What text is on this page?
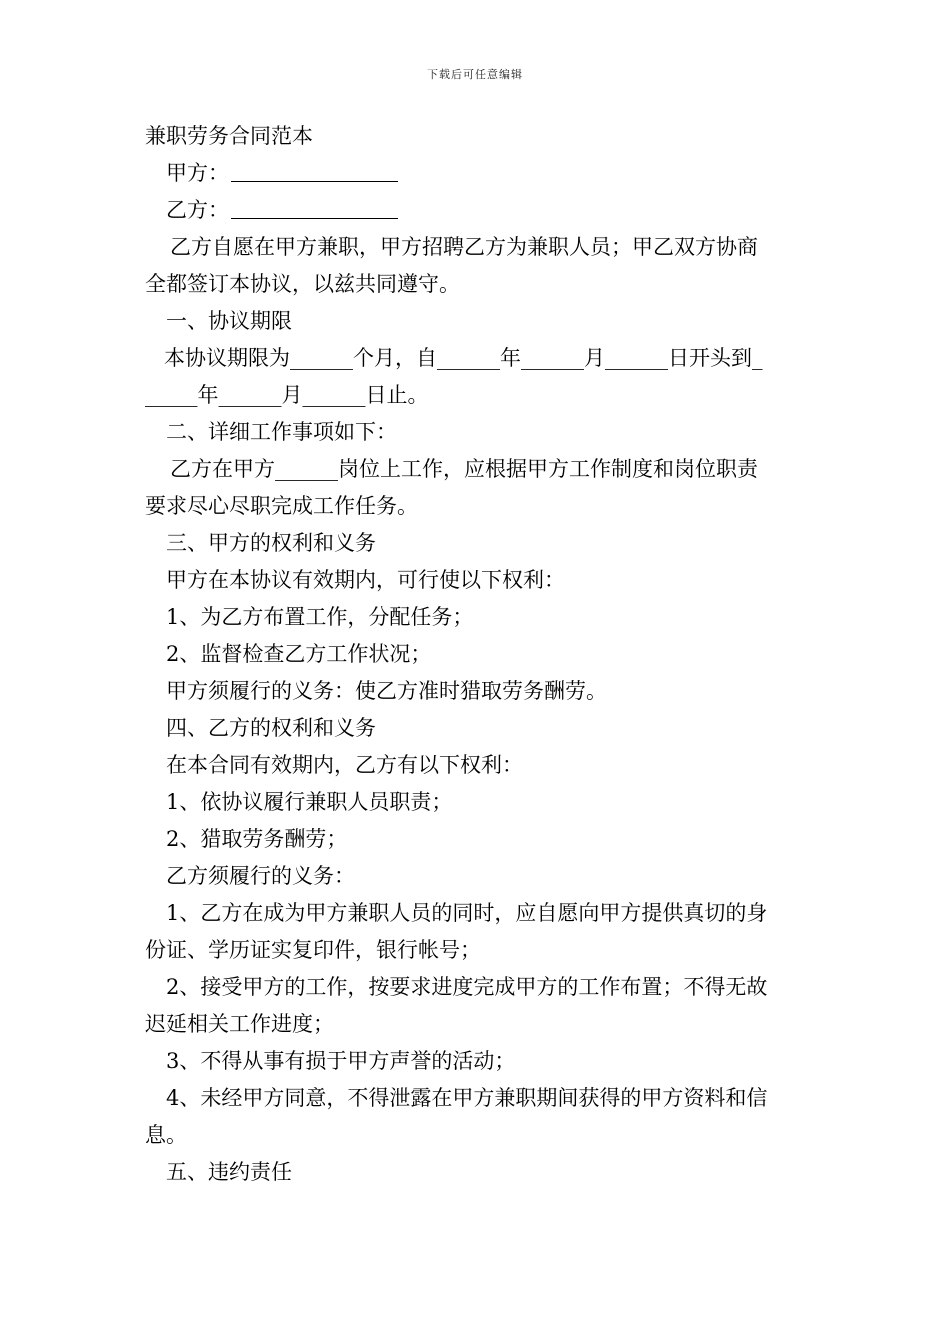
下载后可任意编辑
兼职劳务合同范本
甲方：
乙方：
乙方自愿在甲方兼职，甲方招聘乙方为兼职人员；甲乙双方协商
全都签订本协议，以兹共同遵守。
一、协议期限
本协议期限为______个月，自______年______月______日开头到_
_____年______月______日止。
二、详细工作事项如下：
乙方在甲方______岗位上工作，应根据甲方工作制度和岗位职责
要求尽心尽职完成工作任务。
三、甲方的权利和义务
甲方在本协议有效期内，可行使以下权利：
1、为乙方布置工作，分配任务；
2、监督检查乙方工作状况；
甲方须履行的义务：使乙方准时猎取劳务酬劳。
四、乙方的权利和义务
在本合同有效期内，乙方有以下权利：
1、依协议履行兼职人员职责；
2、猎取劳务酬劳；
乙方须履行的义务：
1、乙方在成为甲方兼职人员的同时，应自愿向甲方提供真切的身
份证、学历证实复印件，银行帐号；
2、接受甲方的工作，按要求进度完成甲方的工作布置；不得无故
迟延相关工作进度；
3、不得从事有损于甲方声誉的活动；
4、未经甲方同意，不得泄露在甲方兼职期间获得的甲方资料和信
息。
五、违约责任
